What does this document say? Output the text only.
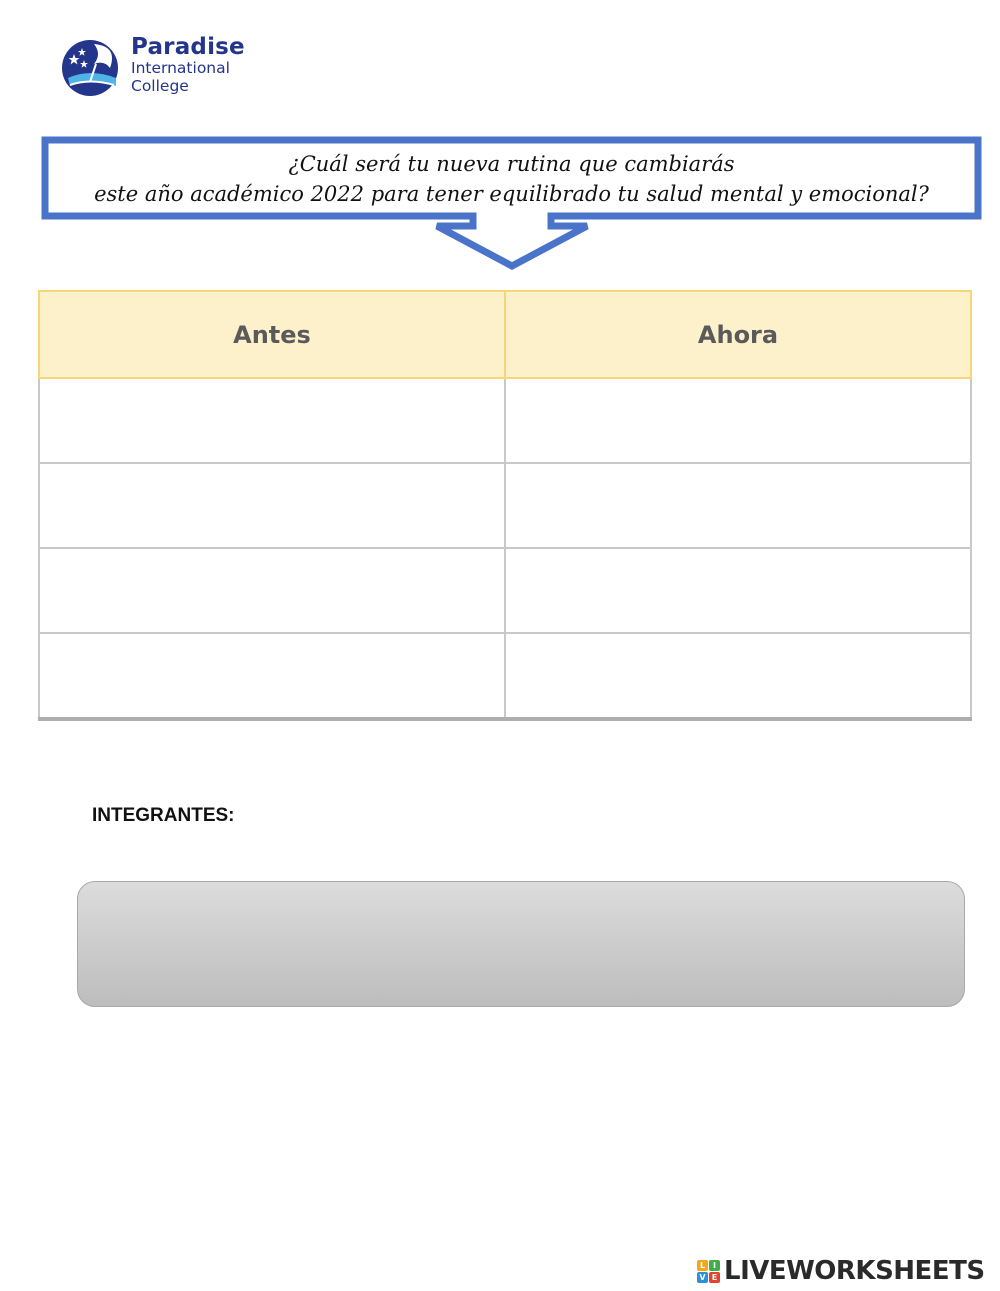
Paradise
International
College
¿Cuál será tu nueva rutina que cambiarás
este año académico 2022 para tener equilibrado tu salud mental y emocional?
Antes	Ahora

INTEGRANTES:
L I
V E LIVEWORKSHEETS
